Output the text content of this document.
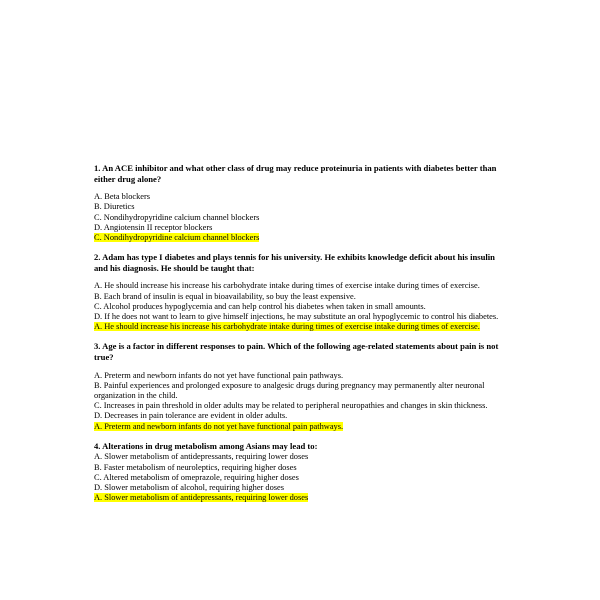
1. An ACE inhibitor and what other class of drug may reduce proteinuria in patients with diabetes better than either drug alone?

A. Beta blockers

B. Diuretics

C. Nondihydropyridine calcium channel blockers

D. Angiotensin II receptor blockers

C. Nondihydropyridine calcium channel blockers

2. Adam has type I diabetes and plays tennis for his university. He exhibits knowledge deficit about his insulin and his diagnosis. He should be taught that:

A. He should increase his increase his carbohydrate intake during times of exercise intake during times of exercise.

B. Each brand of insulin is equal in bioavailability, so buy the least expensive.

C. Alcohol produces hypoglycemia and can help control his diabetes when taken in small amounts.

D. If he does not want to learn to give himself injections, he may substitute an oral hypoglycemic to control his diabetes.

A. He should increase his increase his carbohydrate intake during times of exercise intake during times of exercise.

3. Age is a factor in different responses to pain. Which of the following age-related statements about pain is not true?

A. Preterm and newborn infants do not yet have functional pain pathways.

B. Painful experiences and prolonged exposure to analgesic drugs during pregnancy may permanently alter neuronal organization in the child.

C. Increases in pain threshold in older adults may be related to peripheral neuropathies and changes in skin thickness.

D. Decreases in pain tolerance are evident in older adults.

A. Preterm and newborn infants do not yet have functional pain pathways.

4. Alterations in drug metabolism among Asians may lead to:

A. Slower metabolism of antidepressants, requiring lower doses

B. Faster metabolism of neuroleptics, requiring higher doses

C. Altered metabolism of omeprazole, requiring higher doses

D. Slower metabolism of alcohol, requiring higher doses

A. Slower metabolism of antidepressants, requiring lower doses
